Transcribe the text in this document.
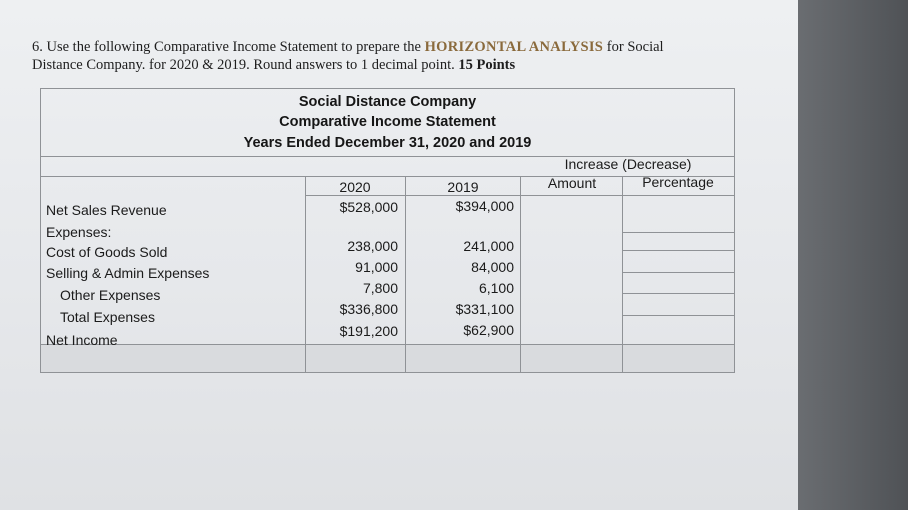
6. Use the following Comparative Income Statement to prepare the HORIZONTAL ANALYSIS for Social
Distance Company. for 2020 & 2019. Round answers to 1 decimal point. 15 Points
Social Distance Company
Comparative Income Statement
Years Ended December 31, 2020 and 2019
Increase (Decrease)
Amount	Percentage
2020	2019
Net Sales Revenue
Expenses:
Cost of Goods Sold
Selling & Admin Expenses
Other Expenses
Total Expenses
Net Income
$528,000
238,000
91,000
7,800
$336,800
$191,200
$394,000
241,000
84,000
6,100
$331,100
$62,900
